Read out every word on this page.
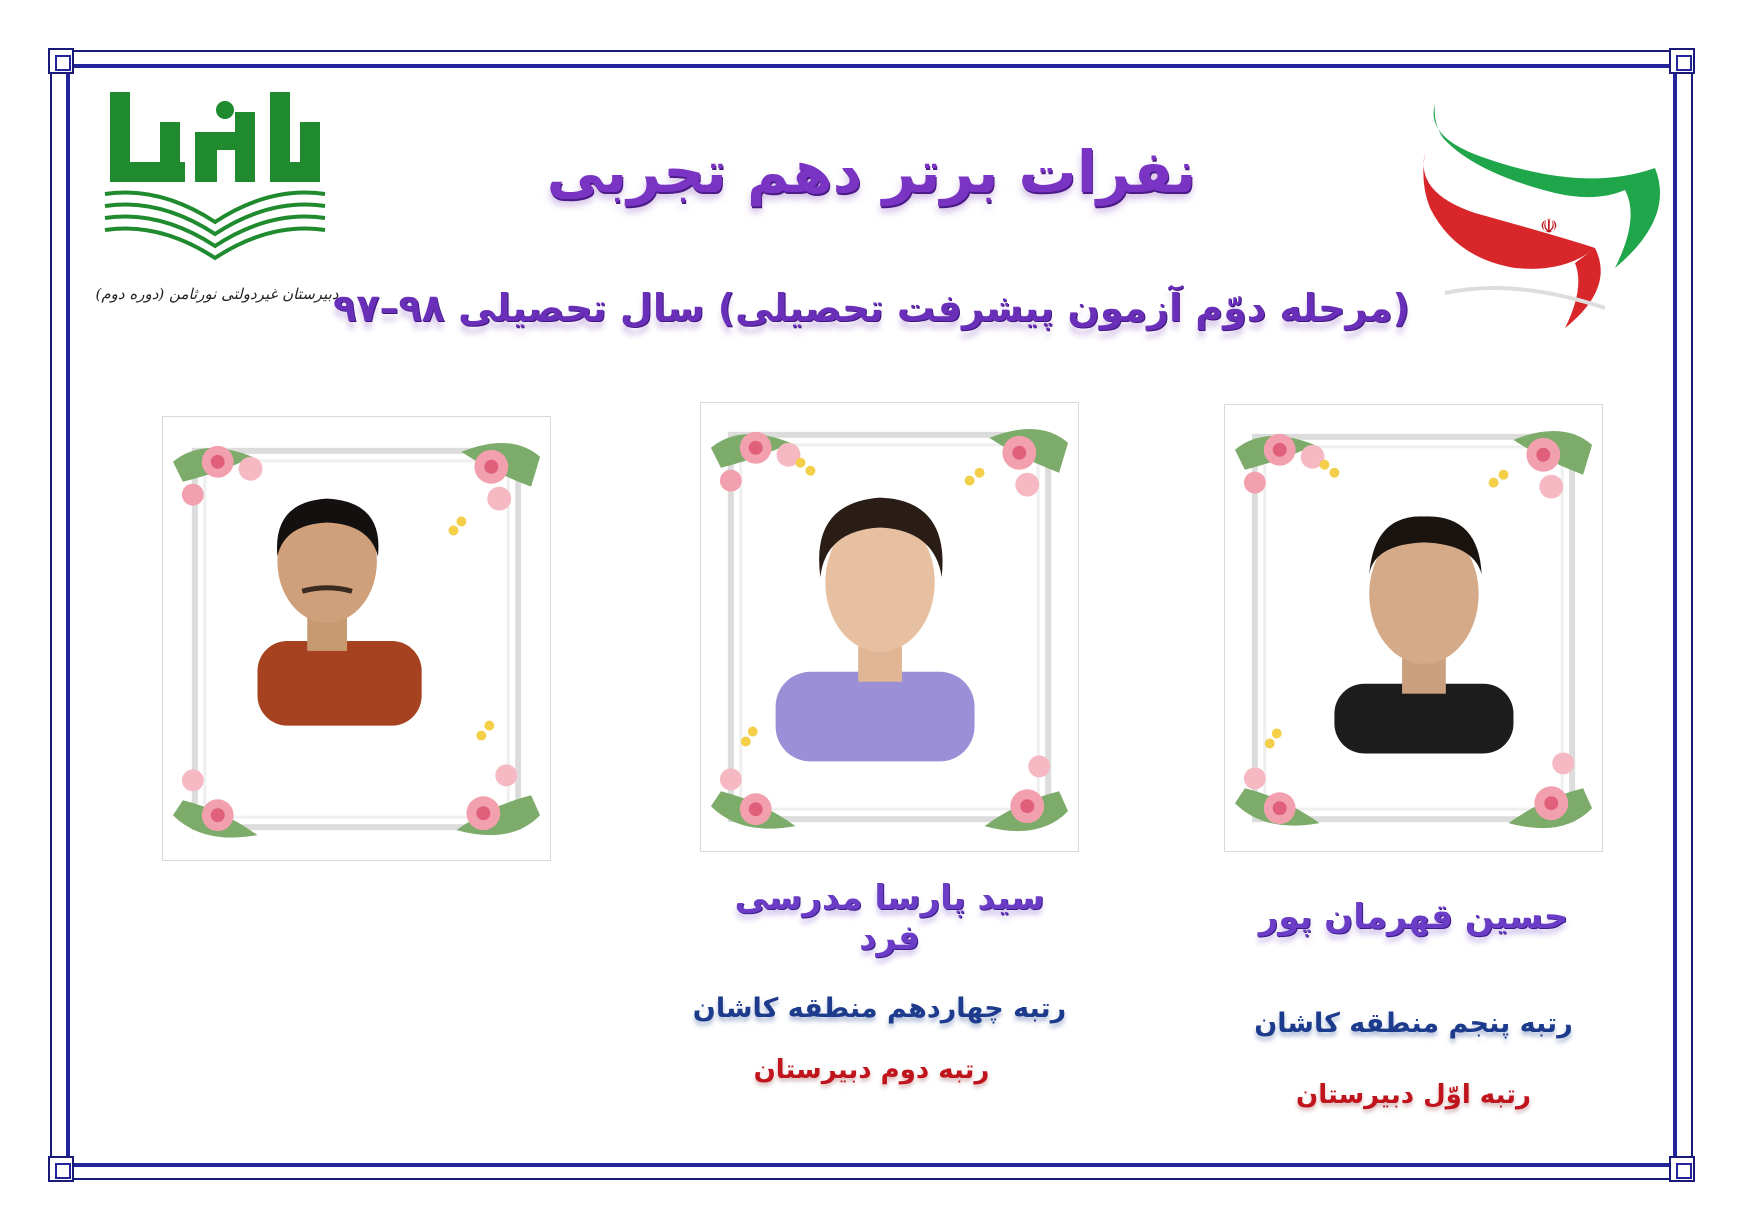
دبیرستان غیردولتی نورثامن (دوره دوم)
☫
نفرات برتر دهم تجربی
(مرحله دوّم آزمون پیشرفت تحصیلی) سال تحصیلی ۹۸–۹۷
حسین قهرمان پور
رتبه پنجم منطقه کاشان
رتبه اوّل دبیرستان
سید پارسا مدرسی فرد
رتبه چهاردهم منطقه کاشان
رتبه دوم دبیرستان
